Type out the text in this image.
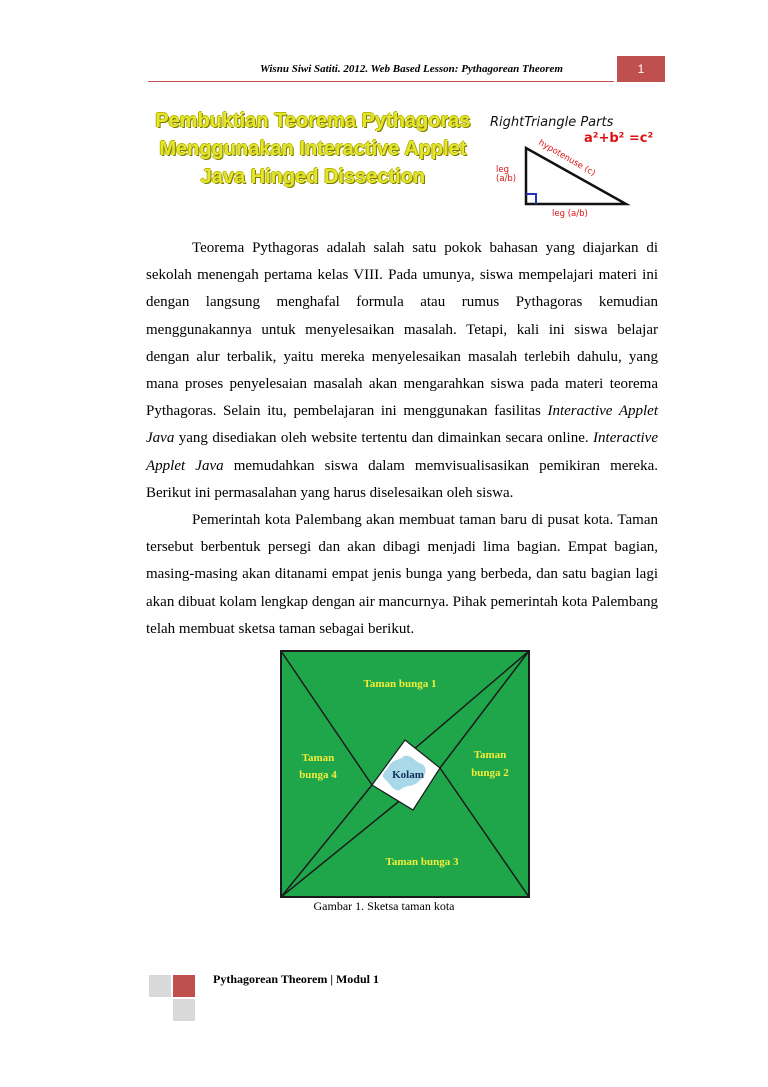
Wisnu Siwi Satiti. 2012. Web Based Lesson: Pythagorean Theorem	1
Pembuktian Teorema Pythagoras
Menggunakan Interactive Applet
Java Hinged Dissection
RightTriangle Parts
a²+b² =c²
hypotenuse (c)
leg
(a/b)
leg (a/b)

Teorema Pythagoras adalah salah satu pokok bahasan yang diajarkan di sekolah menengah pertama kelas VIII. Pada umunya, siswa mempelajari materi ini dengan langsung menghafal formula atau rumus Pythagoras kemudian menggunakannya untuk menyelesaikan masalah. Tetapi, kali ini siswa belajar dengan alur terbalik, yaitu mereka menyelesaikan masalah terlebih dahulu, yang mana proses penyelesaian masalah akan mengarahkan siswa pada materi teorema Pythagoras. Selain itu, pembelajaran ini menggunakan fasilitas Interactive Applet Java yang disediakan oleh website tertentu dan dimainkan secara online. Interactive Applet Java memudahkan siswa dalam memvisualisasikan pemikiran mereka. Berikut ini permasalahan yang harus diselesaikan oleh siswa.

Pemerintah kota Palembang akan membuat taman baru di pusat kota. Taman tersebut berbentuk persegi dan akan dibagi menjadi lima bagian. Empat bagian, masing-masing akan ditanami empat jenis bunga yang berbeda, dan satu bagian lagi akan dibuat kolam lengkap dengan air mancurnya. Pihak pemerintah kota Palembang telah membuat sketsa taman sebagai berikut.

Kolam
Taman bunga 1
Taman
bunga 2
Taman bunga 3
Taman
bunga 4
Gambar 1. Sketsa taman kota
Pythagorean Theorem | Modul 1
